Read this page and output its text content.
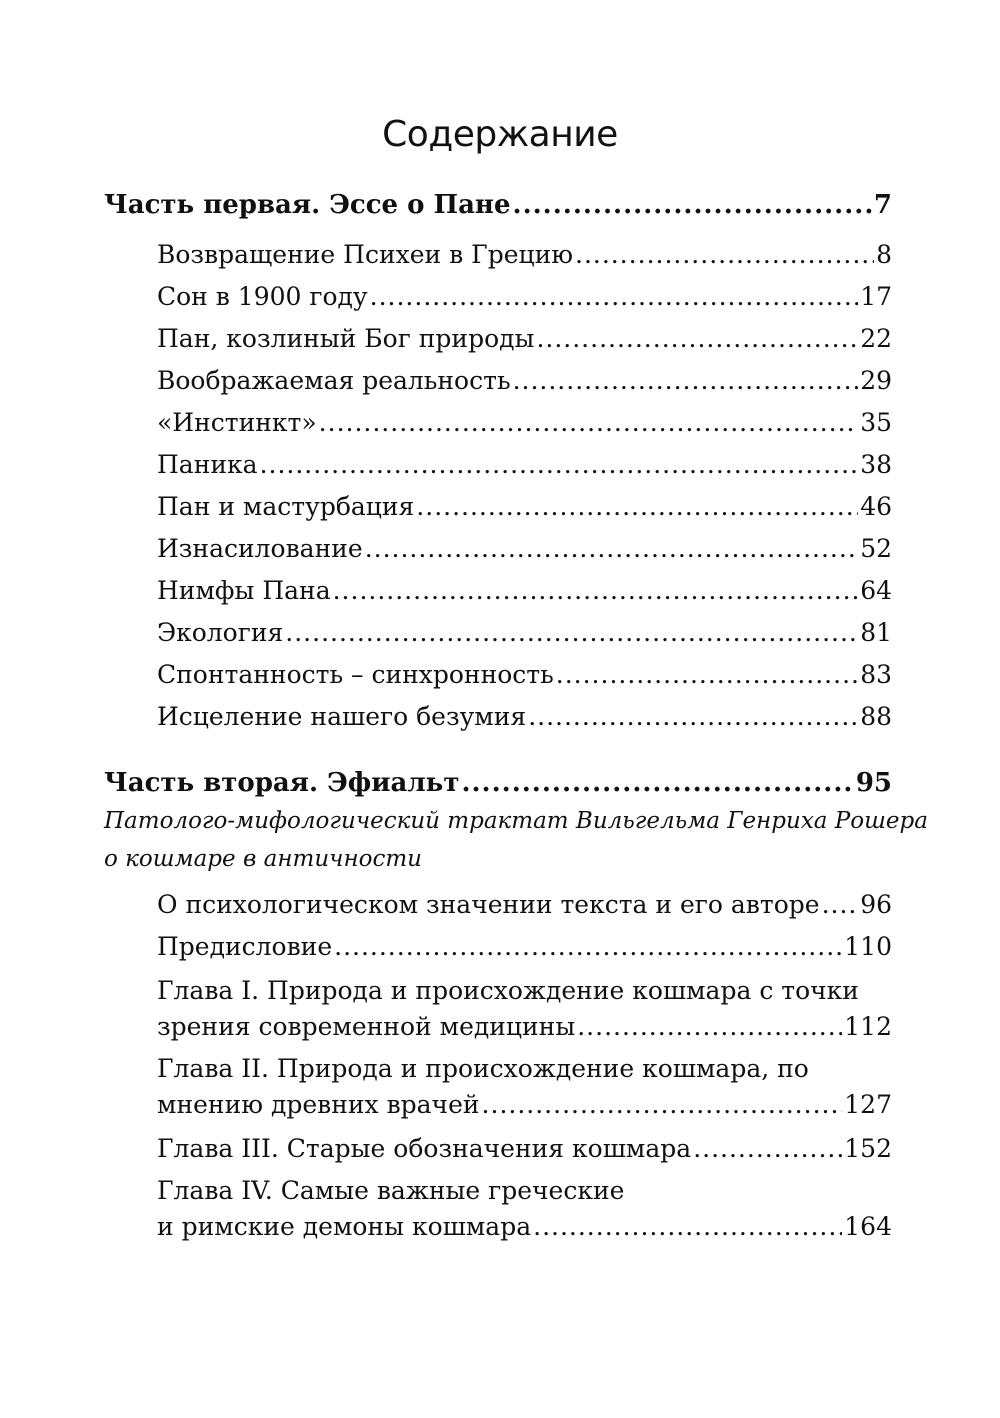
Содержание
Часть первая. Эссе о Пане .....	7
Возвращение Психеи в Грецию .....	8
Сон в 1900 году .....	17
Пан, козлиный Бог природы .....	22
Воображаемая реальность .....	29
«Инстинкт» .....	35
Паника .....	38
Пан и мастурбация .....	46
Изнасилование .....	52
Нимфы Пана .....	64
Экология .....	81
Спонтанность – синхронность .....	83
Исцеление нашего безумия .....	88
Часть вторая. Эфиальт .....	95
Патолого-мифологический трактат Вильгельма Генриха Рошера
о кошмаре в античности
О психологическом значении текста и его авторе ..... 96
Предисловие .....	110
Глава I. Природа и происхождение кошмара с точки
зрения современной медицины .....	112
Глава II. Природа и происхождение кошмара, по
мнению древних врачей .....	127
Глава III. Старые обозначения кошмара .....	152
Глава IV. Самые важные греческие
и римские демоны кошмара .....	164
